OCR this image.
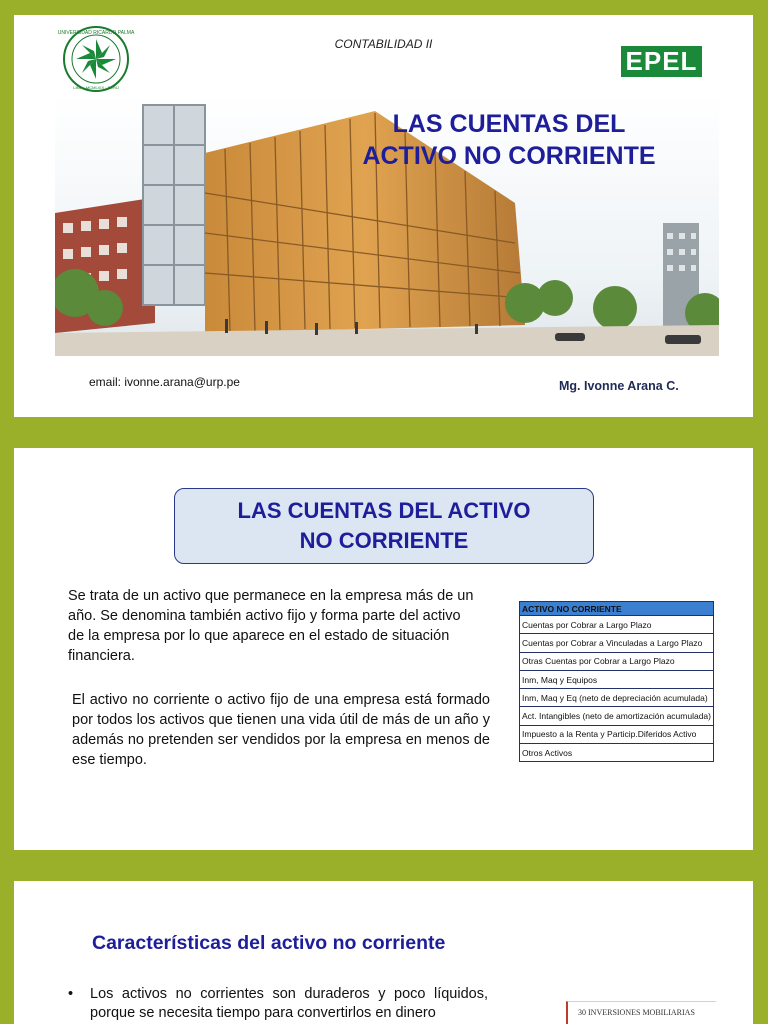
UNIVERSIDAD RICARDO PALMA
LIMA · MCMLXIX · PERÚ
CONTABILIDAD II
EPEL
LAS CUENTAS DEL
ACTIVO NO CORRIENTE
email: ivonne.arana@urp.pe	Mg. Ivonne Arana C.
LAS CUENTAS DEL ACTIVO
NO CORRIENTE
Se trata de un activo que permanece en la empresa más de un año. Se denomina también activo fijo y forma parte del activo de la empresa por lo que aparece en el estado de situación financiera.
El activo no corriente o activo fijo de una empresa está formado por todos los activos que tienen una vida útil de más de un año y además no pretenden ser vendidos por la empresa en menos de ese tiempo.
ACTIVO NO CORRIENTE
Cuentas por Cobrar a Largo Plazo
Cuentas por Cobrar a Vinculadas a Largo Plazo
Otras Cuentas por Cobrar a Largo Plazo
Inm, Maq y Equipos
Inm, Maq y Eq (neto de depreciación acumulada)
Act. Intangibles (neto de amortización acumulada)
Impuesto a la Renta y Particip.Diferidos Activo
Otros Activos
Características del activo no corriente
• Los activos no corrientes son duraderos y poco líquidos, porque se necesita tiempo para convertirlos en dinero	30 INVERSIONES MOBILIARIAS
